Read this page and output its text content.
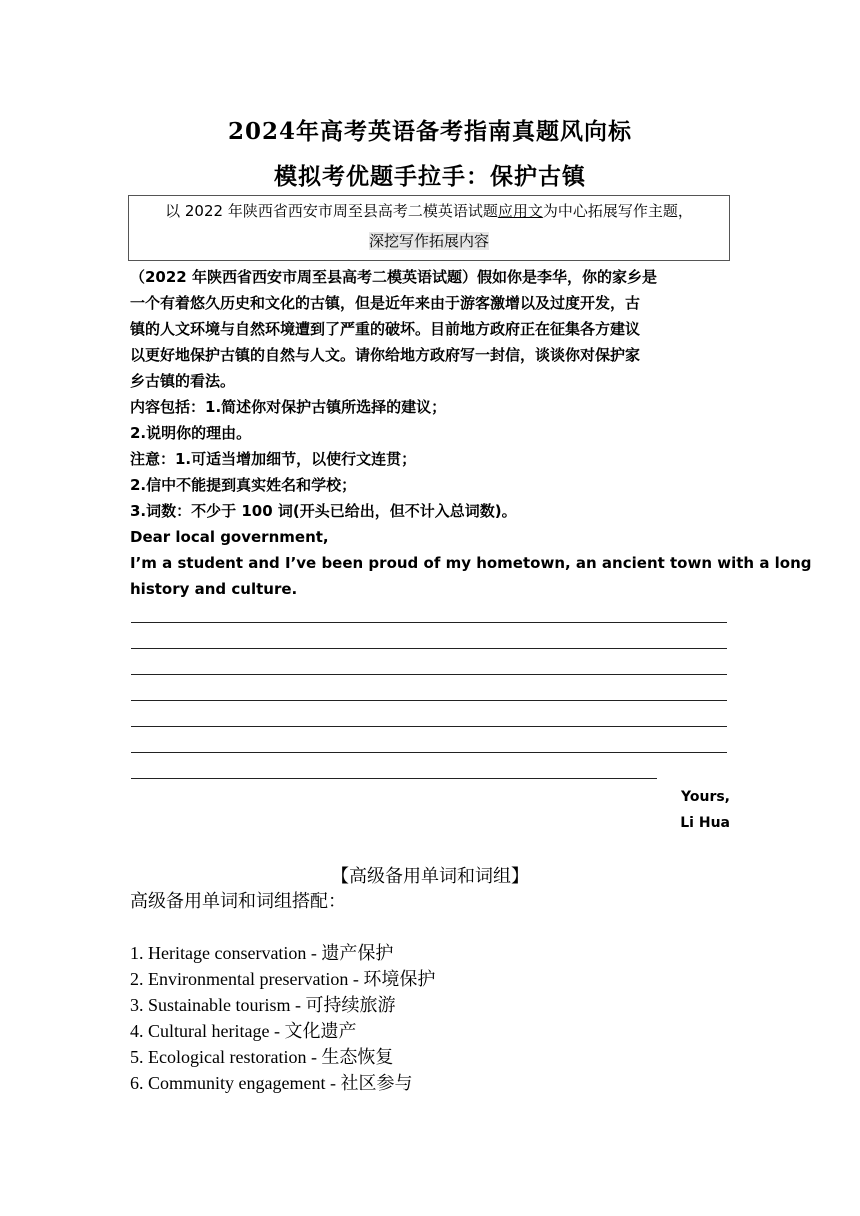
2024年高考英语备考指南真题风向标
模拟考优题手拉手：保护古镇
以 2022 年陕西省西安市周至县高考二模英语试题应用文为中心拓展写作主题，
深挖写作拓展内容
（2022 年陕西省西安市周至县高考二模英语试题）假如你是李华，你的家乡是
一个有着悠久历史和文化的古镇，但是近年来由于游客激增以及过度开发，古
镇的人文环境与自然环境遭到了严重的破坏。目前地方政府正在征集各方建议
以更好地保护古镇的自然与人文。请你给地方政府写一封信，谈谈你对保护家
乡古镇的看法。
内容包括：1.简述你对保护古镇所选择的建议；
2.说明你的理由。
注意：1.可适当增加细节，以使行文连贯；
2.信中不能提到真实姓名和学校；
3.词数：不少于 100 词(开头已给出，但不计入总词数)。
Dear local government,
I’m a student and I’ve been proud of my hometown, an ancient town with a long
history and culture.
Yours,
Li Hua
【高级备用单词和词组】
高级备用单词和词组搭配：
1. Heritage conservation - 遗产保护
2. Environmental preservation - 环境保护
3. Sustainable tourism - 可持续旅游
4. Cultural heritage - 文化遗产
5. Ecological restoration - 生态恢复
6. Community engagement - 社区参与
